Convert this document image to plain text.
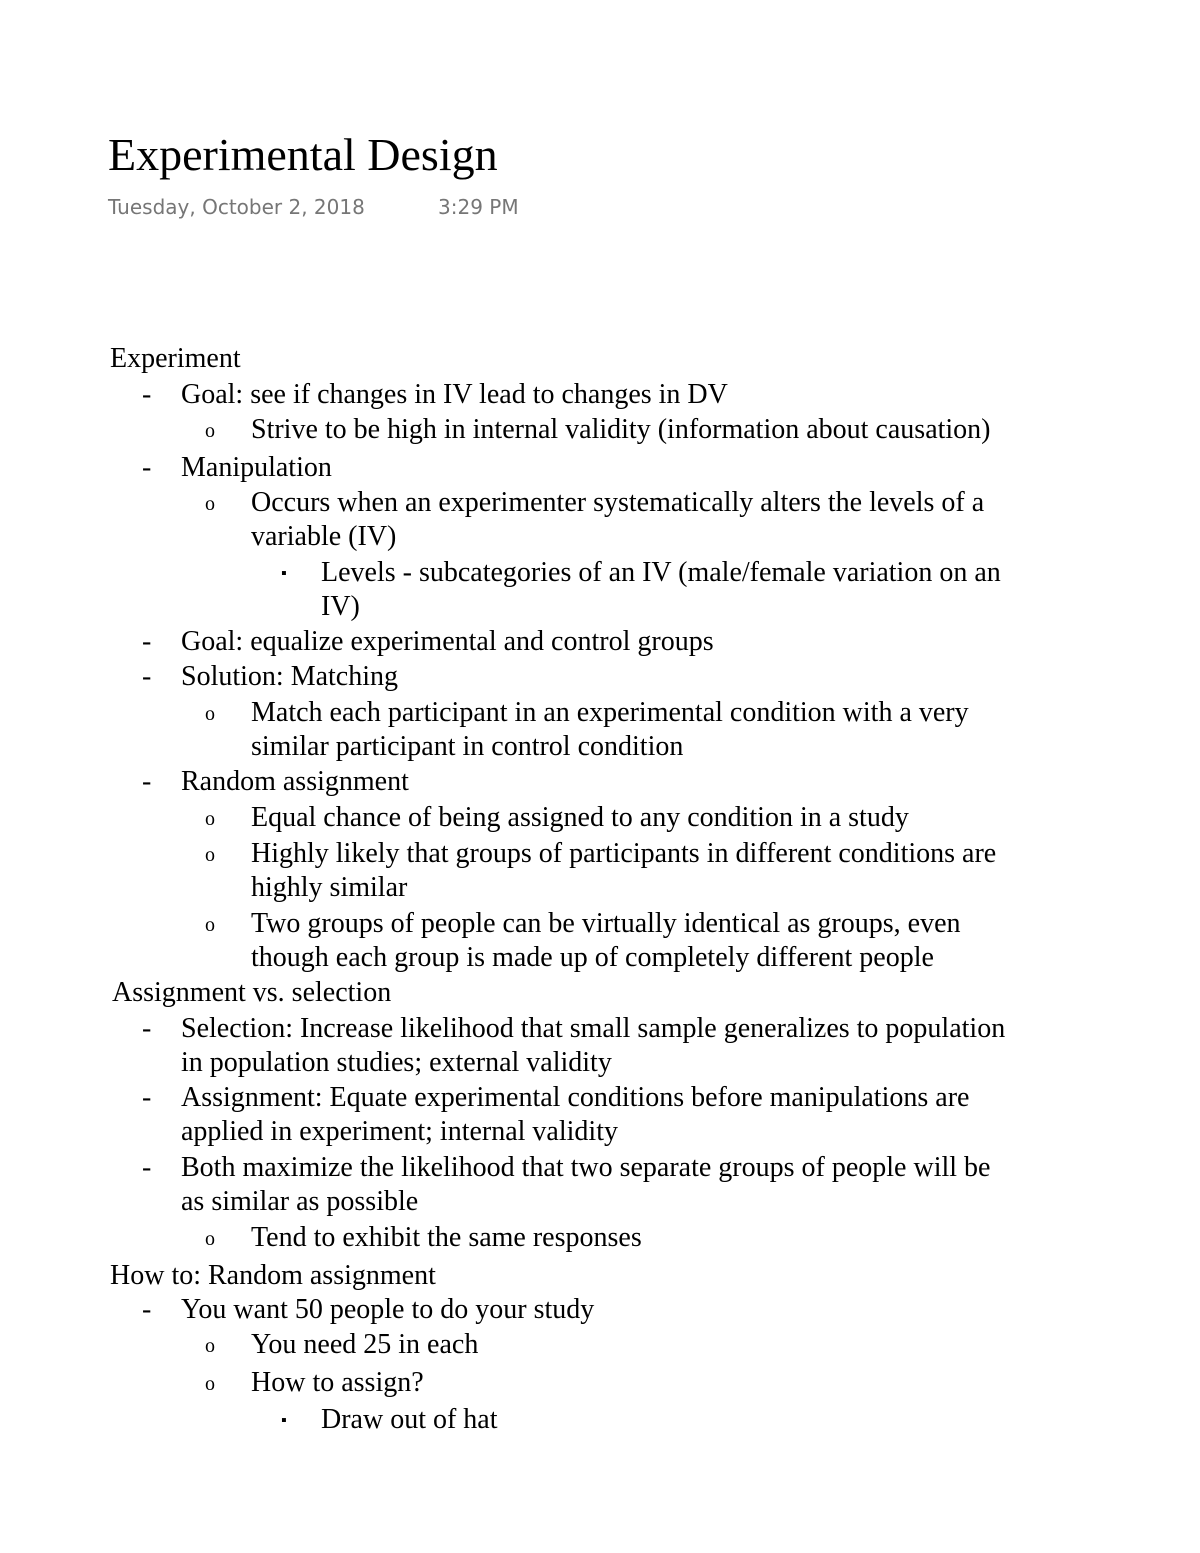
Experimental Design
Tuesday, October 2, 2018	3:29 PM
Experiment
- Goal: see if changes in IV lead to changes in DV
o Strive to be high in internal validity (information about causation)
- Manipulation
o Occurs when an experimenter systematically alters the levels of a
variable (IV)
▪ Levels - subcategories of an IV (male/female variation on an
IV)
- Goal: equalize experimental and control groups
- Solution: Matching
o Match each participant in an experimental condition with a very
similar participant in control condition
- Random assignment
o Equal chance of being assigned to any condition in a study
o Highly likely that groups of participants in different conditions are
highly similar
o Two groups of people can be virtually identical as groups, even
though each group is made up of completely different people
Assignment vs. selection
- Selection: Increase likelihood that small sample generalizes to population
in population studies; external validity
- Assignment: Equate experimental conditions before manipulations are
applied in experiment; internal validity
- Both maximize the likelihood that two separate groups of people will be
as similar as possible
o Tend to exhibit the same responses
How to: Random assignment
- You want 50 people to do your study
o You need 25 in each
o How to assign?
▪ Draw out of hat
